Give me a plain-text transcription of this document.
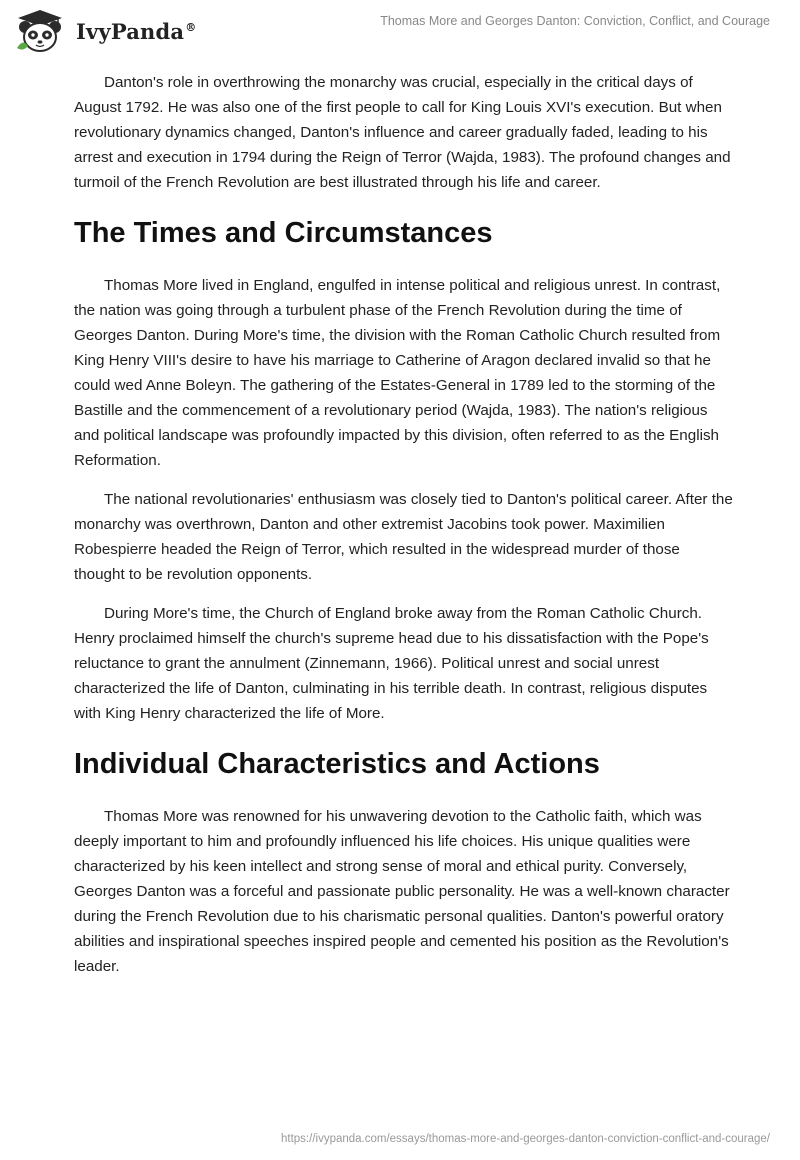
IvyPanda®	Thomas More and Georges Danton: Conviction, Conflict, and Courage

Danton's role in overthrowing the monarchy was crucial, especially in the critical days of August 1792. He was also one of the first people to call for King Louis XVI's execution. But when revolutionary dynamics changed, Danton's influence and career gradually faded, leading to his arrest and execution in 1794 during the Reign of Terror (Wajda, 1983). The profound changes and turmoil of the French Revolution are best illustrated through his life and career.

The Times and Circumstances

Thomas More lived in England, engulfed in intense political and religious unrest. In contrast, the nation was going through a turbulent phase of the French Revolution during the time of Georges Danton. During More's time, the division with the Roman Catholic Church resulted from King Henry VIII's desire to have his marriage to Catherine of Aragon declared invalid so that he could wed Anne Boleyn. The gathering of the Estates-General in 1789 led to the storming of the Bastille and the commencement of a revolutionary period (Wajda, 1983). The nation's religious and political landscape was profoundly impacted by this division, often referred to as the English Reformation.

The national revolutionaries' enthusiasm was closely tied to Danton's political career. After the monarchy was overthrown, Danton and other extremist Jacobins took power. Maximilien Robespierre headed the Reign of Terror, which resulted in the widespread murder of those thought to be revolution opponents.

During More's time, the Church of England broke away from the Roman Catholic Church. Henry proclaimed himself the church's supreme head due to his dissatisfaction with the Pope's reluctance to grant the annulment (Zinnemann, 1966). Political unrest and social unrest characterized the life of Danton, culminating in his terrible death. In contrast, religious disputes with King Henry characterized the life of More.

Individual Characteristics and Actions

Thomas More was renowned for his unwavering devotion to the Catholic faith, which was deeply important to him and profoundly influenced his life choices. His unique qualities were characterized by his keen intellect and strong sense of moral and ethical purity. Conversely, Georges Danton was a forceful and passionate public personality. He was a well-known character during the French Revolution due to his charismatic personal qualities. Danton's powerful oratory abilities and inspirational speeches inspired people and cemented his position as the Revolution's leader.

https://ivypanda.com/essays/thomas-more-and-georges-danton-conviction-conflict-and-courage/
